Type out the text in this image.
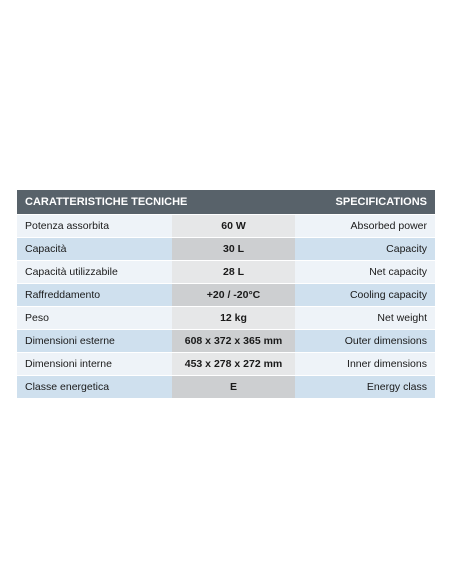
CARATTERISTICHE TECNICHE		SPECIFICATIONS
Potenza assorbita	60 W	Absorbed power
Capacità	30 L	Capacity
Capacità utilizzabile	28 L	Net capacity
Raffreddamento	+20 / -20°C	Cooling capacity
Peso	12 kg	Net weight
Dimensioni esterne	608 x 372 x 365 mm	Outer dimensions
Dimensioni interne	453 x 278 x 272 mm	Inner dimensions
Classe energetica	E	Energy class
